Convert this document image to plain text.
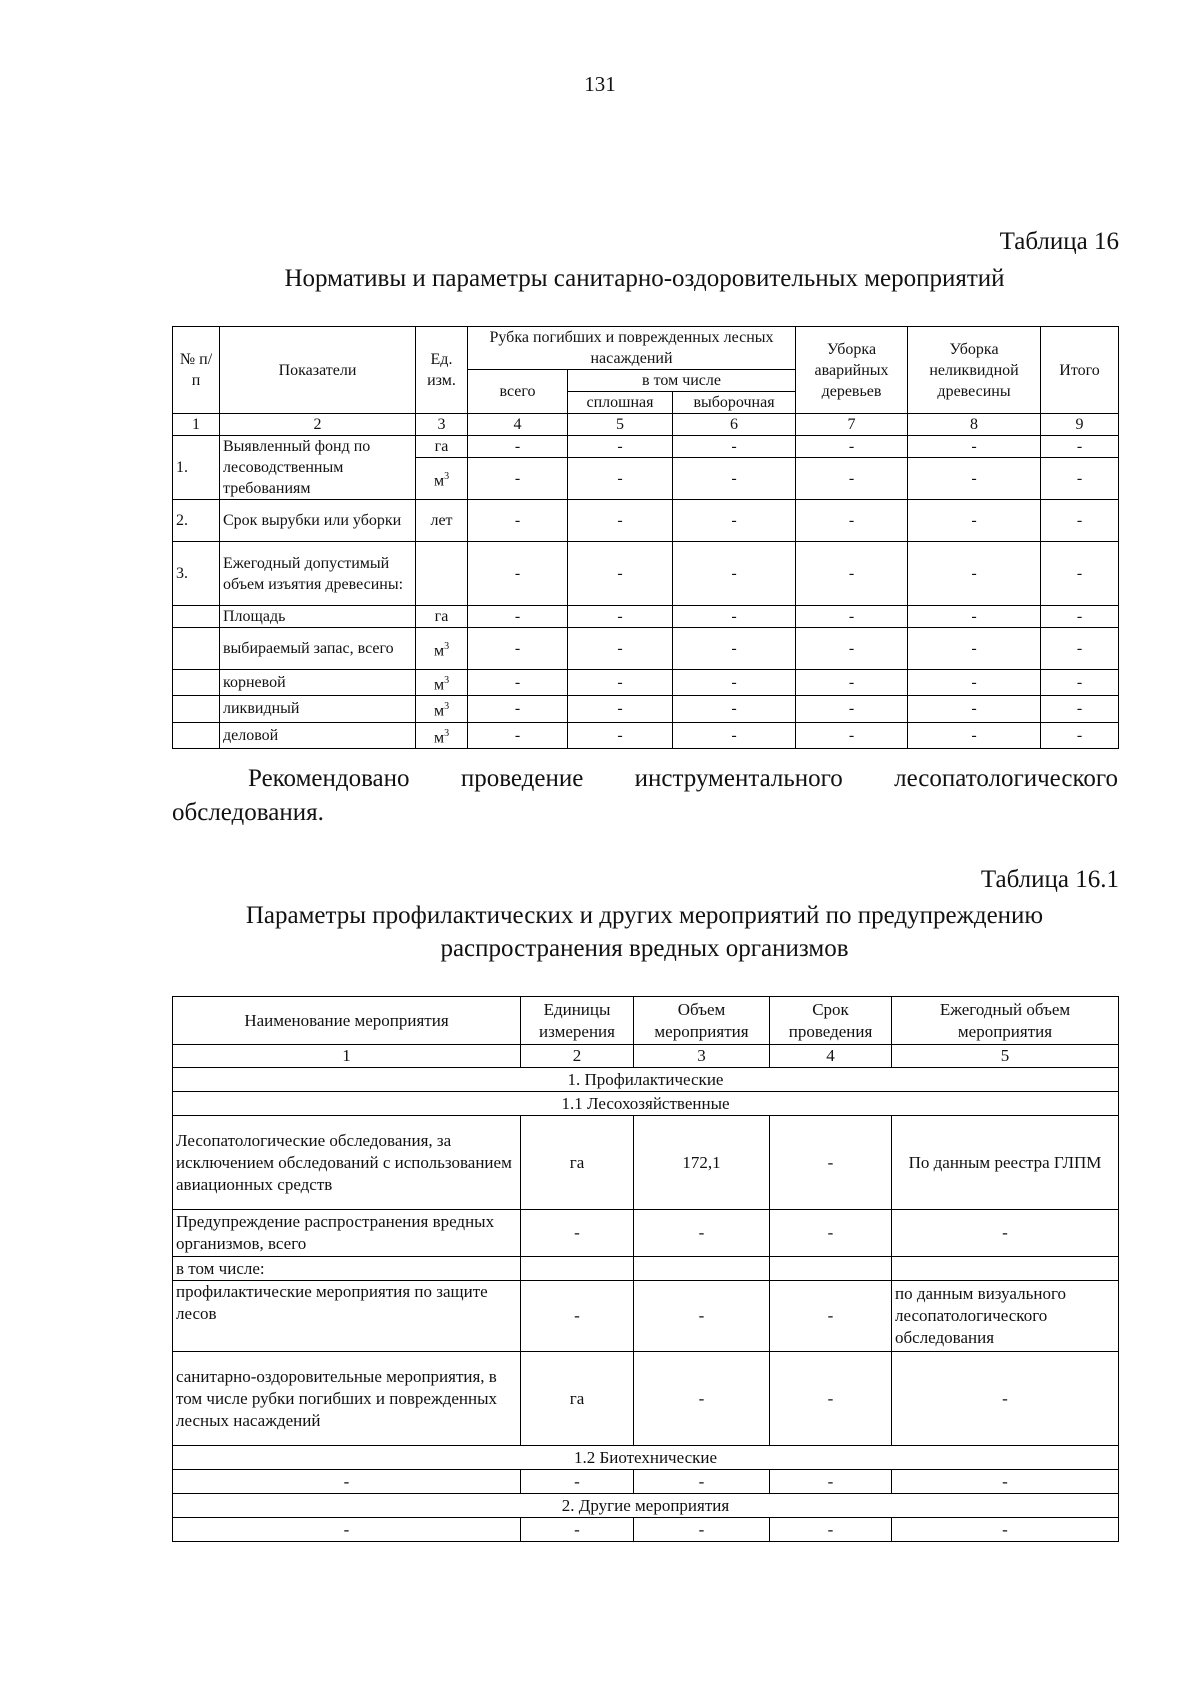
131
Таблица 16
Нормативы и параметры санитарно-оздоровительных мероприятий
№ п/п	Показатели	Ед. изм.	Рубка погибших и поврежденных лесных насаждений			Уборка аварийных деревьев	Уборка неликвидной древесины	Итого
			всего	в том числе				
				сплошная	выборочная			
1	2	3	4	5	6	7	8	9
1.	Выявленный фонд по лесоводственным требованиям	га	-	-	-	-	-	-
		$м^3$	-	-	-	-	-	-
2.	Срок вырубки или уборки	лет	-	-	-	-	-	-
3.	Ежегодный допустимый объем изъятия древесины:		-	-	-	-	-	-
	Площадь	га	-	-	-	-	-	-
	выбираемый запас, всего	$м^3$	-	-	-	-	-	-
	корневой	$м^3$	-	-	-	-	-	-
	ликвидный	$м^3$	-	-	-	-	-	-
	деловой	$м^3$	-	-	-	-	-	-
Рекомендовано проведение инструментального лесопатологического обследования.
Таблица 16.1
Параметры профилактических и других мероприятий по предупреждению
распространения вредных организмов
Наименование мероприятия	Единицы измерения	Объем мероприятия	Срок проведения	Ежегодный объем мероприятия
1	2	3	4	5
1. Профилактические				
1.1 Лесохозяйственные				
Лесопатологические обследования, за исключением обследований с использованием авиационных средств	га	172,1	-	По данным реестра ГЛПМ
Предупреждение распространения вредных организмов, всего	-	-	-	-
в том числе:				
профилактические мероприятия по защите лесов	-	-	-	по данным визуального лесопатологического обследования
санитарно-оздоровительные мероприятия, в том числе рубки погибших и поврежденных лесных насаждений	га	-	-	-
1.2 Биотехнические				
-	-	-	-	-
2. Другие мероприятия				
-	-	-	-	-
